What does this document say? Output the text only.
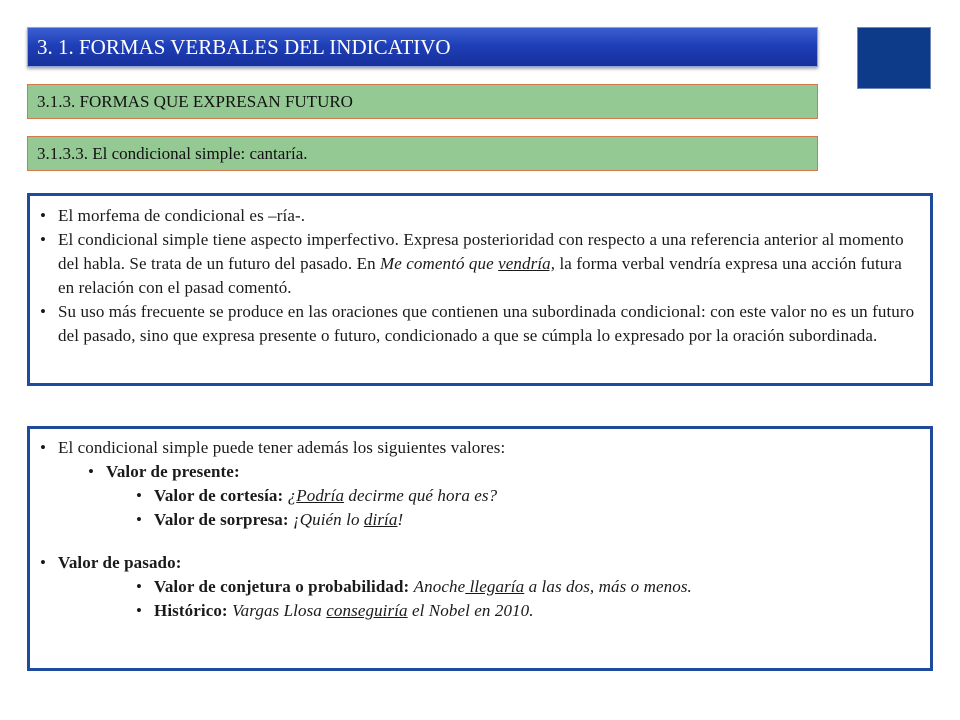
3. 1. FORMAS VERBALES DEL INDICATIVO
3.1.3. FORMAS QUE EXPRESAN FUTURO
3.1.3.3. El condicional simple: cantaría.
• El morfema de condicional es –ría-.
• El condicional simple tiene aspecto imperfectivo. Expresa posterioridad con respecto a una referencia anterior al momento del habla. Se trata de un futuro del pasado. En Me comentó que vendría, la forma verbal vendría expresa una acción futura en relación con el pasad comentó.
• Su uso más frecuente se produce en las oraciones que contienen una subordinada condicional: con este valor no es un futuro del pasado, sino que expresa presente o futuro, condicionado a que se cúmpla lo expresado por la oración subordinada.
• El condicional simple puede tener además los siguientes valores:
• Valor de presente:
• Valor de cortesía: ¿Podría decirme qué hora es?
• Valor de sorpresa: ¡Quién lo diría!
• Valor de pasado:
• Valor de conjetura o probabilidad: Anoche llegaría a las dos, más o menos.
• Histórico: Vargas Llosa conseguiría el Nobel en 2010.
